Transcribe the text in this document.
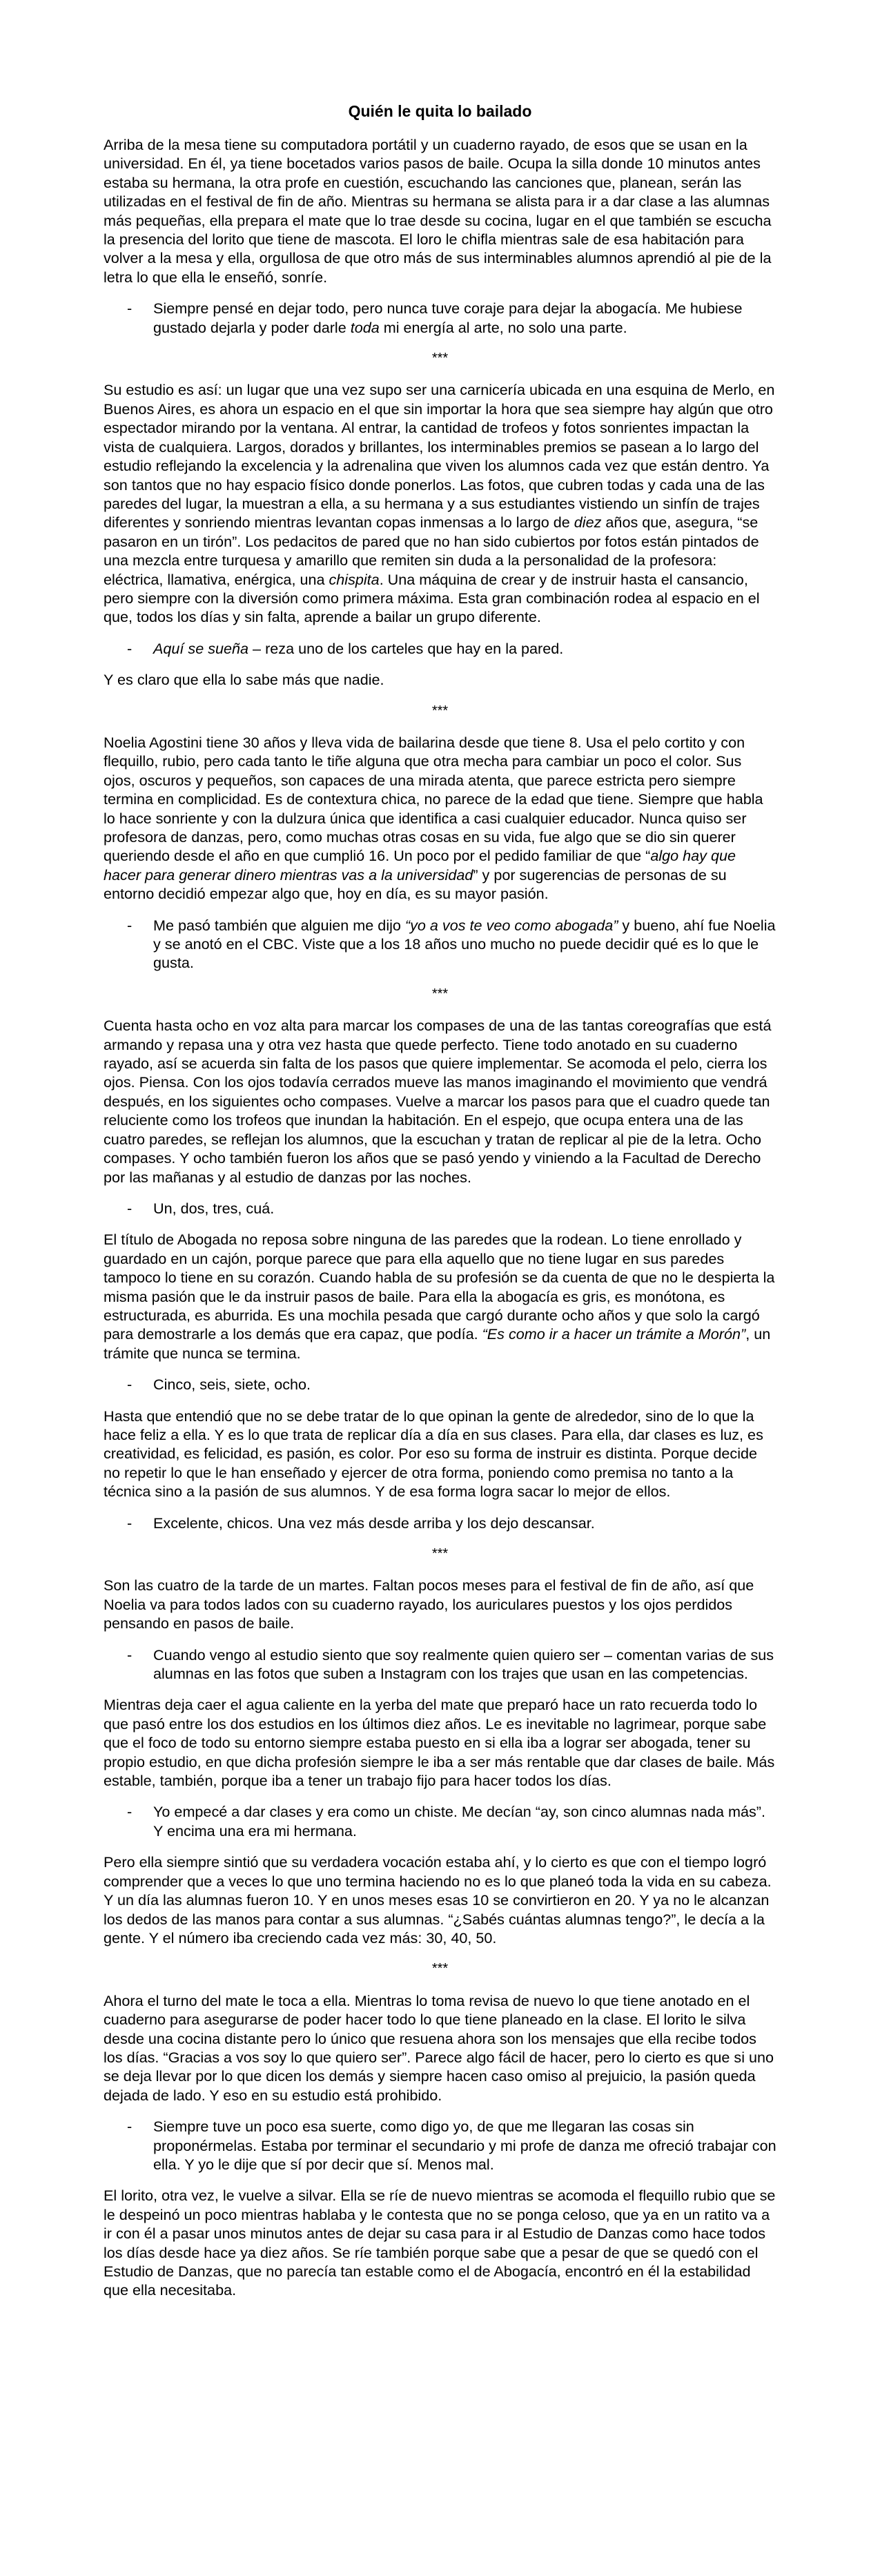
Quién le quita lo bailado

Arriba de la mesa tiene su computadora portátil y un cuaderno rayado, de esos que se usan en la universidad. En él, ya tiene bocetados varios pasos de baile. Ocupa la silla donde 10 minutos antes estaba su hermana, la otra profe en cuestión, escuchando las canciones que, planean, serán las utilizadas en el festival de fin de año. Mientras su hermana se alista para ir a dar clase a las alumnas más pequeñas, ella prepara el mate que lo trae desde su cocina, lugar en el que también se escucha la presencia del lorito que tiene de mascota. El loro le chifla mientras sale de esa habitación para volver a la mesa y ella, orgullosa de que otro más de sus interminables alumnos aprendió al pie de la letra lo que ella le enseñó, sonríe.

- Siempre pensé en dejar todo, pero nunca tuve coraje para dejar la abogacía. Me hubiese gustado dejarla y poder darle toda mi energía al arte, no solo una parte.
***

Su estudio es así: un lugar que una vez supo ser una carnicería ubicada en una esquina de Merlo, en Buenos Aires, es ahora un espacio en el que sin importar la hora que sea siempre hay algún que otro espectador mirando por la ventana. Al entrar, la cantidad de trofeos y fotos sonrientes impactan la vista de cualquiera. Largos, dorados y brillantes, los interminables premios se pasean a lo largo del estudio reflejando la excelencia y la adrenalina que viven los alumnos cada vez que están dentro. Ya son tantos que no hay espacio físico donde ponerlos. Las fotos, que cubren todas y cada una de las paredes del lugar, la muestran a ella, a su hermana y a sus estudiantes vistiendo un sinfín de trajes diferentes y sonriendo mientras levantan copas inmensas a lo largo de diez años que, asegura, “se pasaron en un tirón”. Los pedacitos de pared que no han sido cubiertos por fotos están pintados de una mezcla entre turquesa y amarillo que remiten sin duda a la personalidad de la profesora: eléctrica, llamativa, enérgica, una chispita. Una máquina de crear y de instruir hasta el cansancio, pero siempre con la diversión como primera máxima. Esta gran combinación rodea al espacio en el que, todos los días y sin falta, aprende a bailar un grupo diferente.

- Aquí se sueña – reza uno de los carteles que hay en la pared.

Y es claro que ella lo sabe más que nadie.

***

Noelia Agostini tiene 30 años y lleva vida de bailarina desde que tiene 8. Usa el pelo cortito y con flequillo, rubio, pero cada tanto le tiñe alguna que otra mecha para cambiar un poco el color. Sus ojos, oscuros y pequeños, son capaces de una mirada atenta, que parece estricta pero siempre termina en complicidad. Es de contextura chica, no parece de la edad que tiene. Siempre que habla lo hace sonriente y con la dulzura única que identifica a casi cualquier educador. Nunca quiso ser profesora de danzas, pero, como muchas otras cosas en su vida, fue algo que se dio sin querer queriendo desde el año en que cumplió 16. Un poco por el pedido familiar de que “algo hay que hacer para generar dinero mientras vas a la universidad” y por sugerencias de personas de su entorno decidió empezar algo que, hoy en día, es su mayor pasión.

- Me pasó también que alguien me dijo “yo a vos te veo como abogada” y bueno, ahí fue Noelia y se anotó en el CBC. Viste que a los 18 años uno mucho no puede decidir qué es lo que le gusta.
***

Cuenta hasta ocho en voz alta para marcar los compases de una de las tantas coreografías que está armando y repasa una y otra vez hasta que quede perfecto. Tiene todo anotado en su cuaderno rayado, así se acuerda sin falta de los pasos que quiere implementar. Se acomoda el pelo, cierra los ojos. Piensa. Con los ojos todavía cerrados mueve las manos imaginando el movimiento que vendrá después, en los siguientes ocho compases. Vuelve a marcar los pasos para que el cuadro quede tan reluciente como los trofeos que inundan la habitación. En el espejo, que ocupa entera una de las cuatro paredes, se reflejan los alumnos, que la escuchan y tratan de replicar al pie de la letra. Ocho compases. Y ocho también fueron los años que se pasó yendo y viniendo a la Facultad de Derecho por las mañanas y al estudio de danzas por las noches.

- Un, dos, tres, cuá.

El título de Abogada no reposa sobre ninguna de las paredes que la rodean. Lo tiene enrollado y guardado en un cajón, porque parece que para ella aquello que no tiene lugar en sus paredes tampoco lo tiene en su corazón. Cuando habla de su profesión se da cuenta de que no le despierta la misma pasión que le da instruir pasos de baile. Para ella la abogacía es gris, es monótona, es estructurada, es aburrida. Es una mochila pesada que cargó durante ocho años y que solo la cargó para demostrarle a los demás que era capaz, que podía. “Es como ir a hacer un trámite a Morón”, un trámite que nunca se termina.

- Cinco, seis, siete, ocho.

Hasta que entendió que no se debe tratar de lo que opinan la gente de alrededor, sino de lo que la hace feliz a ella. Y es lo que trata de replicar día a día en sus clases. Para ella, dar clases es luz, es creatividad, es felicidad, es pasión, es color. Por eso su forma de instruir es distinta. Porque decide no repetir lo que le han enseñado y ejercer de otra forma, poniendo como premisa no tanto a la técnica sino a la pasión de sus alumnos. Y de esa forma logra sacar lo mejor de ellos.

- Excelente, chicos. Una vez más desde arriba y los dejo descansar.
***

Son las cuatro de la tarde de un martes. Faltan pocos meses para el festival de fin de año, así que Noelia va para todos lados con su cuaderno rayado, los auriculares puestos y los ojos perdidos pensando en pasos de baile.

- Cuando vengo al estudio siento que soy realmente quien quiero ser – comentan varias de sus alumnas en las fotos que suben a Instagram con los trajes que usan en las competencias.

Mientras deja caer el agua caliente en la yerba del mate que preparó hace un rato recuerda todo lo que pasó entre los dos estudios en los últimos diez años. Le es inevitable no lagrimear, porque sabe que el foco de todo su entorno siempre estaba puesto en si ella iba a lograr ser abogada, tener su propio estudio, en que dicha profesión siempre le iba a ser más rentable que dar clases de baile. Más estable, también, porque iba a tener un trabajo fijo para hacer todos los días.

- Yo empecé a dar clases y era como un chiste. Me decían “ay, son cinco alumnas nada más”. Y encima una era mi hermana.

Pero ella siempre sintió que su verdadera vocación estaba ahí, y lo cierto es que con el tiempo logró comprender que a veces lo que uno termina haciendo no es lo que planeó toda la vida en su cabeza. Y un día las alumnas fueron 10. Y en unos meses esas 10 se convirtieron en 20. Y ya no le alcanzan los dedos de las manos para contar a sus alumnas. “¿Sabés cuántas alumnas tengo?”, le decía a la gente. Y el número iba creciendo cada vez más: 30, 40, 50.

***

Ahora el turno del mate le toca a ella. Mientras lo toma revisa de nuevo lo que tiene anotado en el cuaderno para asegurarse de poder hacer todo lo que tiene planeado en la clase. El lorito le silva desde una cocina distante pero lo único que resuena ahora son los mensajes que ella recibe todos los días. “Gracias a vos soy lo que quiero ser”. Parece algo fácil de hacer, pero lo cierto es que si uno se deja llevar por lo que dicen los demás y siempre hacen caso omiso al prejuicio, la pasión queda dejada de lado. Y eso en su estudio está prohibido.

- Siempre tuve un poco esa suerte, como digo yo, de que me llegaran las cosas sin proponérmelas. Estaba por terminar el secundario y mi profe de danza me ofreció trabajar con ella. Y yo le dije que sí por decir que sí. Menos mal.

El lorito, otra vez, le vuelve a silvar. Ella se ríe de nuevo mientras se acomoda el flequillo rubio que se le despeinó un poco mientras hablaba y le contesta que no se ponga celoso, que ya en un ratito va a ir con él a pasar unos minutos antes de dejar su casa para ir al Estudio de Danzas como hace todos los días desde hace ya diez años. Se ríe también porque sabe que a pesar de que se quedó con el Estudio de Danzas, que no parecía tan estable como el de Abogacía, encontró en él la estabilidad que ella necesitaba.
